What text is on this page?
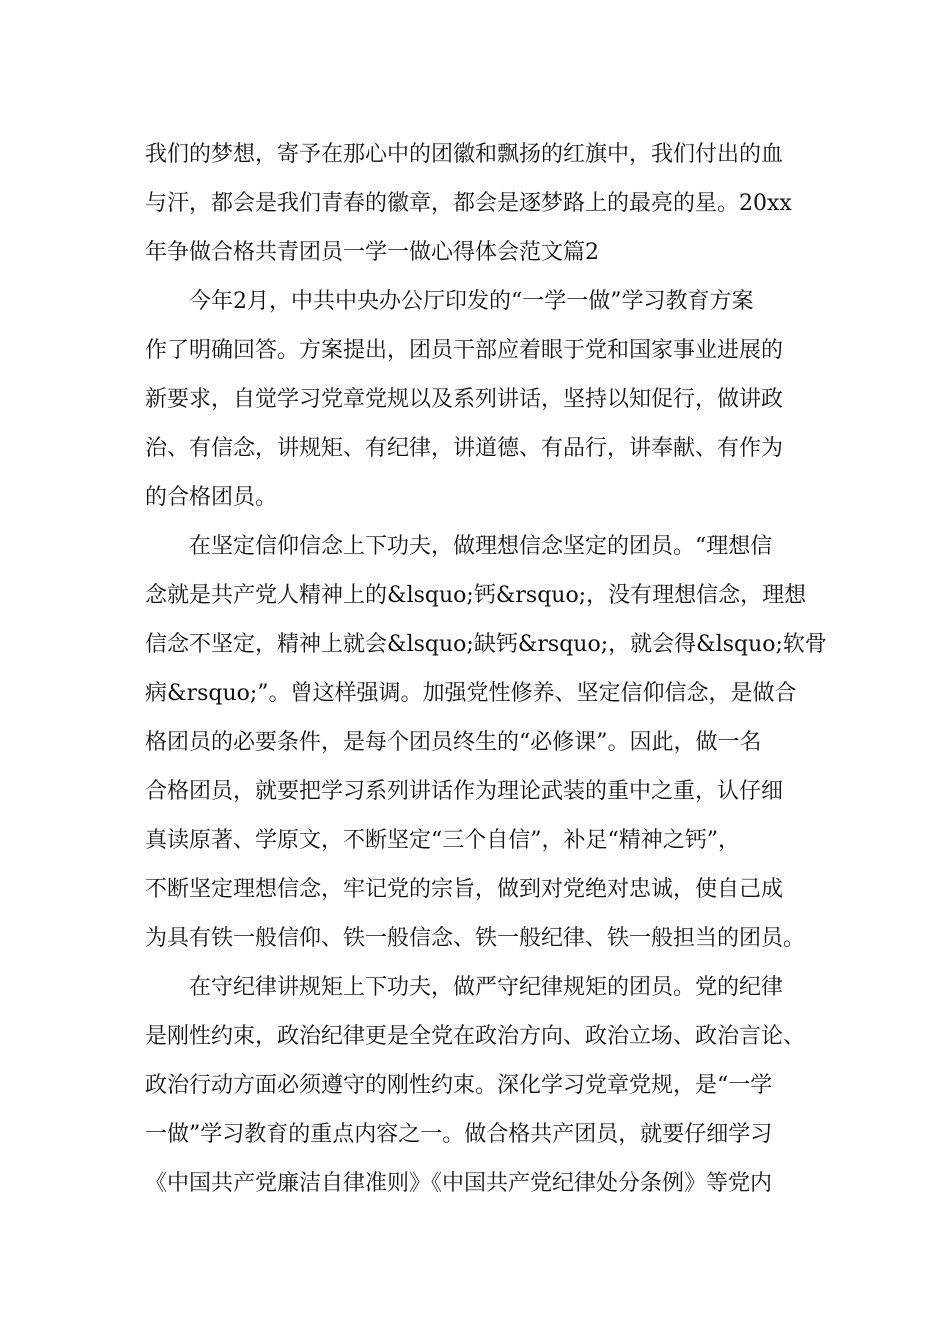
我们的梦想，寄予在那心中的团徽和飘扬的红旗中，我们付出的血
与汗，都会是我们青春的徽章，都会是逐梦路上的最亮的星。20xx
年争做合格共青团员一学一做心得体会范文篇2
今年2月，中共中央办公厅印发的“一学一做”学习教育方案
作了明确回答。方案提出，团员干部应着眼于党和国家事业进展的
新要求，自觉学习党章党规以及系列讲话，坚持以知促行，做讲政
治、有信念，讲规矩、有纪律，讲道德、有品行，讲奉献、有作为
的合格团员。
在坚定信仰信念上下功夫，做理想信念坚定的团员。“理想信
念就是共产党人精神上的&lsquo;钙&rsquo;，没有理想信念，理想
信念不坚定，精神上就会&lsquo;缺钙&rsquo;，就会得&lsquo;软骨
病&rsquo;”。曾这样强调。加强党性修养、坚定信仰信念，是做合
格团员的必要条件，是每个团员终生的“必修课”。因此，做一名
合格团员，就要把学习系列讲话作为理论武装的重中之重，认仔细
真读原著、学原文，不断坚定“三个自信”，补足“精神之钙”，
不断坚定理想信念，牢记党的宗旨，做到对党绝对忠诚，使自己成
为具有铁一般信仰、铁一般信念、铁一般纪律、铁一般担当的团员。
在守纪律讲规矩上下功夫，做严守纪律规矩的团员。党的纪律
是刚性约束，政治纪律更是全党在政治方向、政治立场、政治言论、
政治行动方面必须遵守的刚性约束。深化学习党章党规，是“一学
一做”学习教育的重点内容之一。做合格共产团员，就要仔细学习
《中国共产党廉洁自律准则》《中国共产党纪律处分条例》等党内
